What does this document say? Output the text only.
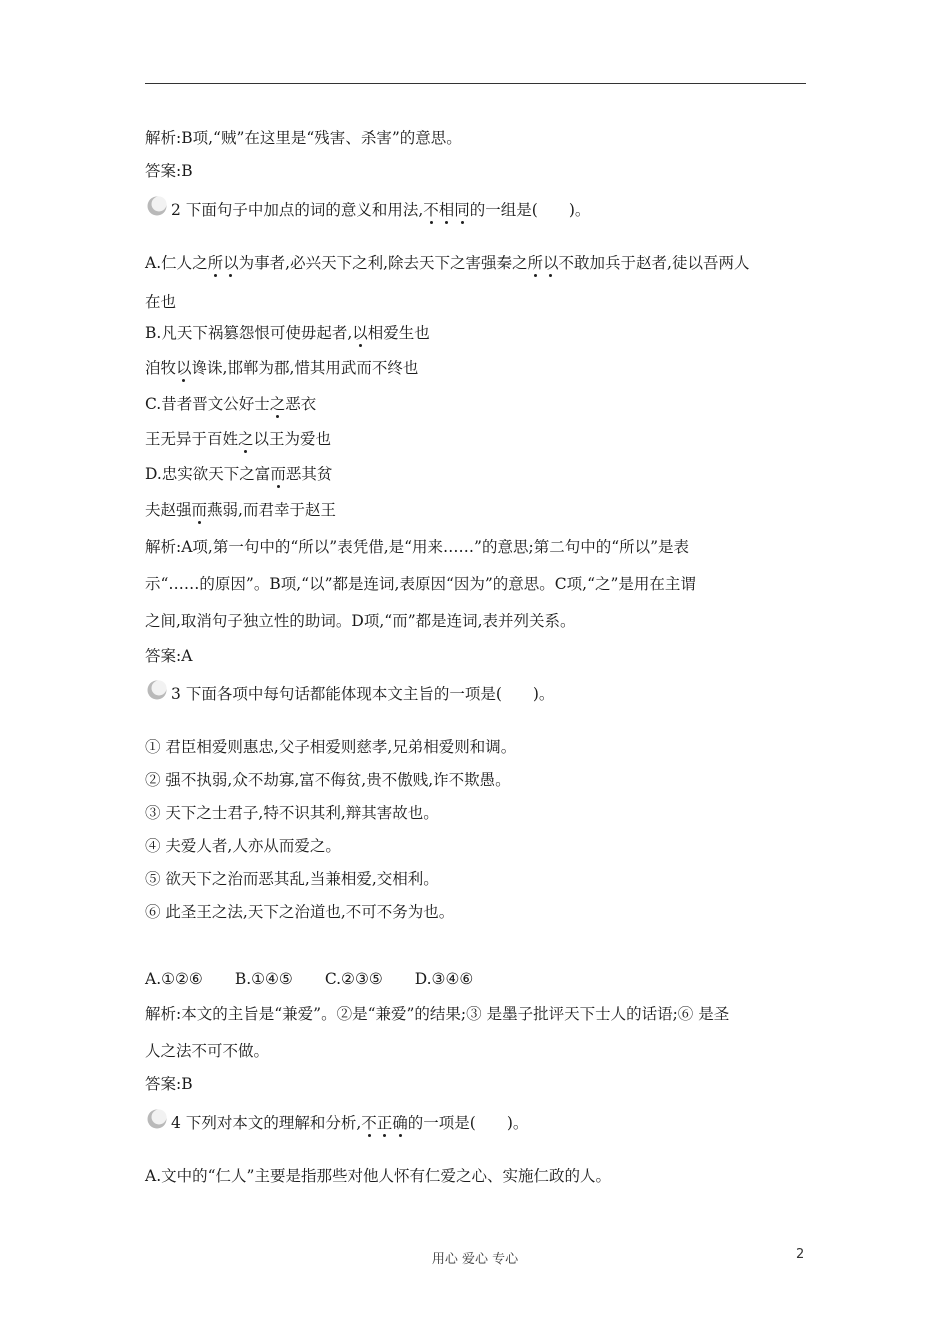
解析:B项,“贼”在这里是“残害、杀害”的意思。
答案:B
2 下面句子中加点的词的意义和用法,不相同的一组是(　　)。
A.仁人之所以为事者,必兴天下之利,除去天下之害强秦之所以不敢加兵于赵者,徒以吾两人
在也
B.凡天下祸篡怨恨可使毋起者,以相爱生也
洎牧以谗诛,邯郸为郡,惜其用武而不终也
C.昔者晋文公好士之恶衣
王无异于百姓之以王为爱也
D.忠实欲天下之富而恶其贫
夫赵强而燕弱,而君幸于赵王
解析:A项,第一句中的“所以”表凭借,是“用来……”的意思;第二句中的“所以”是表
示“……的原因”。B项,“以”都是连词,表原因“因为”的意思。C项,“之”是用在主谓
之间,取消句子独立性的助词。D项,“而”都是连词,表并列关系。
答案:A
3 下面各项中每句话都能体现本文主旨的一项是(　　)。
① 君臣相爱则惠忠,父子相爱则慈孝,兄弟相爱则和调。
② 强不执弱,众不劫寡,富不侮贫,贵不傲贱,诈不欺愚。
③ 天下之士君子,特不识其利,辩其害故也。
④ 夫爱人者,人亦从而爱之。
⑤ 欲天下之治而恶其乱,当兼相爱,交相利。
⑥ 此圣王之法,天下之治道也,不可不务为也。
A.①②⑥ B.①④⑤ C.②③⑤ D.③④⑥
解析:本文的主旨是“兼爱”。②是“兼爱”的结果;③ 是墨子批评天下士人的话语;⑥ 是圣
人之法不可不做。
答案:B
4 下列对本文的理解和分析,不正确的一项是(　　)。
A.文中的“仁人”主要是指那些对他人怀有仁爱之心、实施仁政的人。
用心 爱心 专心	2
